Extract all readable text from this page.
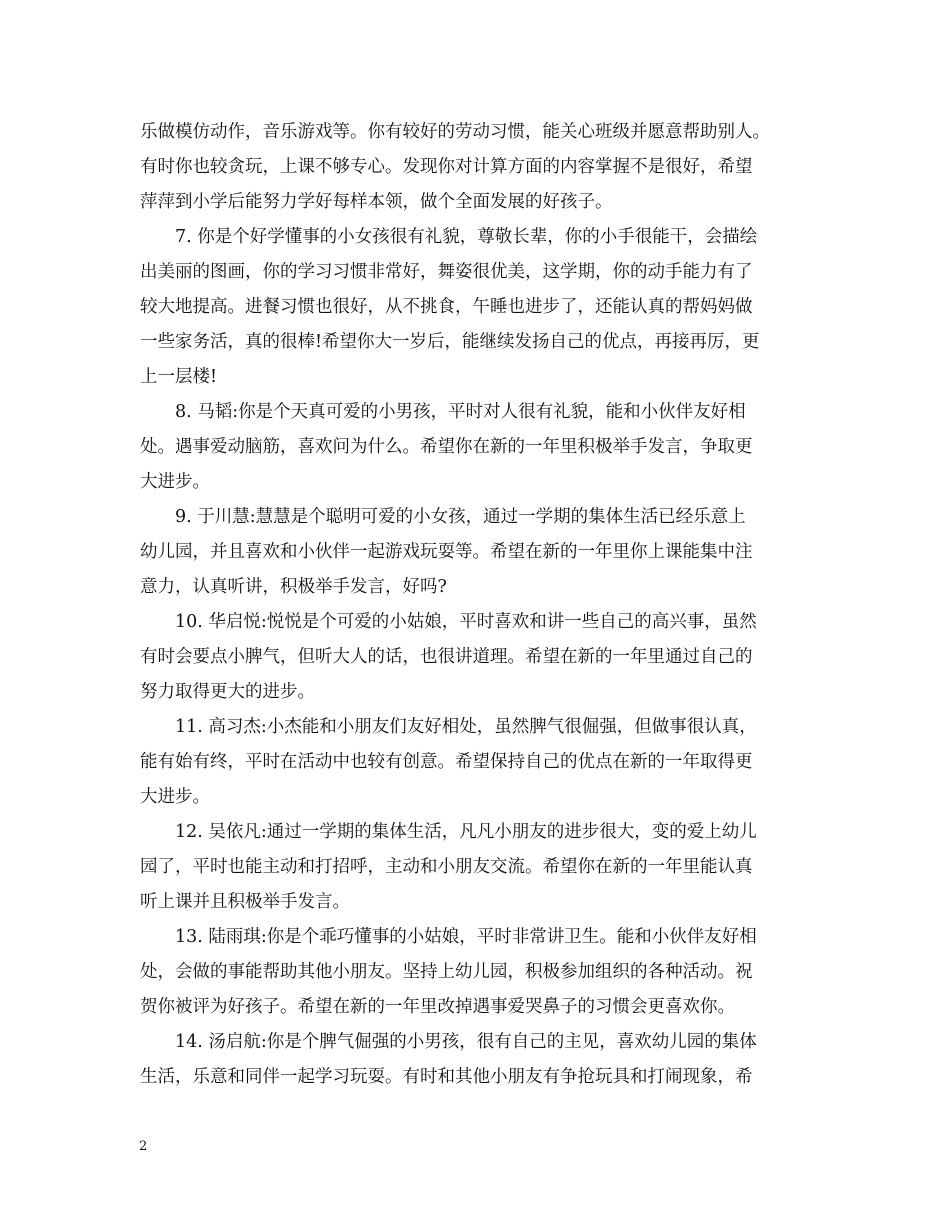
乐做模仿动作，音乐游戏等。你有较好的劳动习惯，能关心班级并愿意帮助别人。
有时你也较贪玩，上课不够专心。发现你对计算方面的内容掌握不是很好，希望
萍萍到小学后能努力学好每样本领，做个全面发展的好孩子。
　　7. 你是个好学懂事的小女孩很有礼貌，尊敬长辈，你的小手很能干，会描绘
出美丽的图画，你的学习习惯非常好，舞姿很优美，这学期，你的动手能力有了
较大地提高。进餐习惯也很好，从不挑食，午睡也进步了，还能认真的帮妈妈做
一些家务活，真的很棒!希望你大一岁后，能继续发扬自己的优点，再接再厉，更
上一层楼!
　　8. 马韬:你是个天真可爱的小男孩，平时对人很有礼貌，能和小伙伴友好相
处。遇事爱动脑筋，喜欢问为什么。希望你在新的一年里积极举手发言，争取更
大进步。
　　9. 于川慧:慧慧是个聪明可爱的小女孩，通过一学期的集体生活已经乐意上
幼儿园，并且喜欢和小伙伴一起游戏玩耍等。希望在新的一年里你上课能集中注
意力，认真听讲，积极举手发言，好吗?
　　10. 华启悦:悦悦是个可爱的小姑娘，平时喜欢和讲一些自己的高兴事，虽然
有时会要点小脾气，但听大人的话，也很讲道理。希望在新的一年里通过自己的
努力取得更大的进步。
　　11. 高习杰:小杰能和小朋友们友好相处，虽然脾气很倔强，但做事很认真，
能有始有终，平时在活动中也较有创意。希望保持自己的优点在新的一年取得更
大进步。
　　12. 吴依凡:通过一学期的集体生活，凡凡小朋友的进步很大，变的爱上幼儿
园了，平时也能主动和打招呼，主动和小朋友交流。希望你在新的一年里能认真
听上课并且积极举手发言。
　　13. 陆雨琪:你是个乖巧懂事的小姑娘，平时非常讲卫生。能和小伙伴友好相
处，会做的事能帮助其他小朋友。坚持上幼儿园，积极参加组织的各种活动。祝
贺你被评为好孩子。希望在新的一年里改掉遇事爱哭鼻子的习惯会更喜欢你。
　　14. 汤启航:你是个脾气倔强的小男孩，很有自己的主见，喜欢幼儿园的集体
生活，乐意和同伴一起学习玩耍。有时和其他小朋友有争抢玩具和打闹现象，希
2
